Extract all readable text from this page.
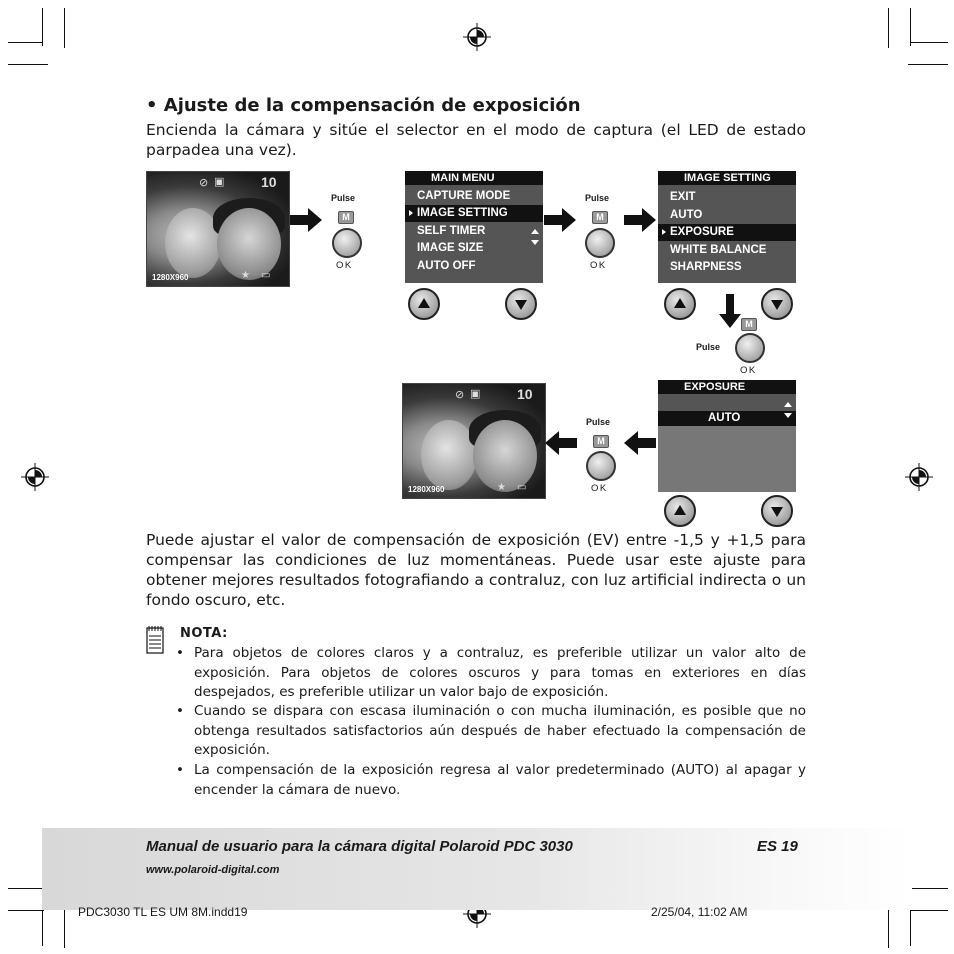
• Ajuste de la compensación de exposición
Encienda la cámara y sitúe el selector en el modo de captura (el LED de estado parpadea una vez).
⊘ ▣	10
1280X960	★ ▭
Pulse
M
OK
MAIN MENU
CAPTURE MODE
IMAGE SETTING
SELF TIMER
IMAGE SIZE
AUTO OFF
Pulse
M
OK
IMAGE SETTING
EXIT
AUTO
EXPOSURE
WHITE BALANCE
SHARPNESS
M
Pulse
OK
⊘ ▣	10
1280X960	★ ▭
Pulse
M
OK
EXPOSURE
AUTO
Puede ajustar el valor de compensación de exposición (EV) entre -1,5 y +1,5 para compensar las condiciones de luz momentáneas. Puede usar este ajuste para obtener mejores resultados fotografiando a contraluz, con luz artificial indirecta o un fondo oscuro, etc.
NOTA:
• Para objetos de colores claros y a contraluz, es preferible utilizar un valor alto de exposición. Para objetos de colores oscuros y para tomas en exteriores en días despejados, es preferible utilizar un valor bajo de exposición.
• Cuando se dispara con escasa iluminación o con mucha iluminación, es posible que no obtenga resultados satisfactorios aún después de haber efectuado la compensación de exposición.
• La compensación de la exposición regresa al valor predeterminado (AUTO) al apagar y encender la cámara de nuevo.
Manual de usuario para la cámara digital Polaroid PDC 3030	ES 19
www.polaroid-digital.com
PDC3030 TL ES UM 8M.indd19	2/25/04, 11:02 AM
